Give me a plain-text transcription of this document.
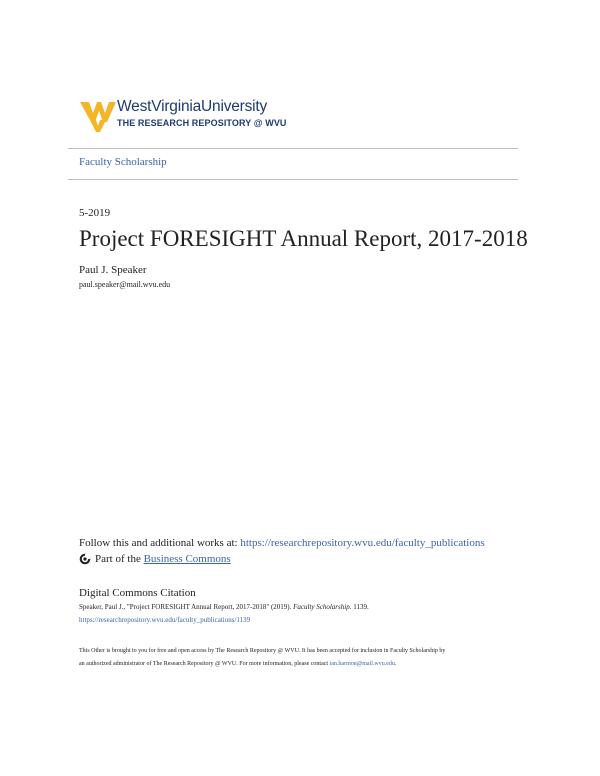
WestVirginiaUniversity
THE RESEARCH REPOSITORY @ WVU
Faculty Scholarship
5-2019
Project FORESIGHT Annual Report, 2017-2018
Paul J. Speaker
paul.speaker@mail.wvu.edu
Follow this and additional works at: https://researchrepository.wvu.edu/faculty_publications
Part of the
Business Commons
Digital Commons Citation
Speaker, Paul J., "Project FORESIGHT Annual Report, 2017-2018" (2019). Faculty Scholarship. 1139.
https://researchrepository.wvu.edu/faculty_publications/1139
This Other is brought to you for free and open access by The Research Repository @ WVU. It has been accepted for inclusion in Faculty Scholarship by
an authorized administrator of The Research Repository @ WVU. For more information, please contact ian.harmon@mail.wvu.edu.
